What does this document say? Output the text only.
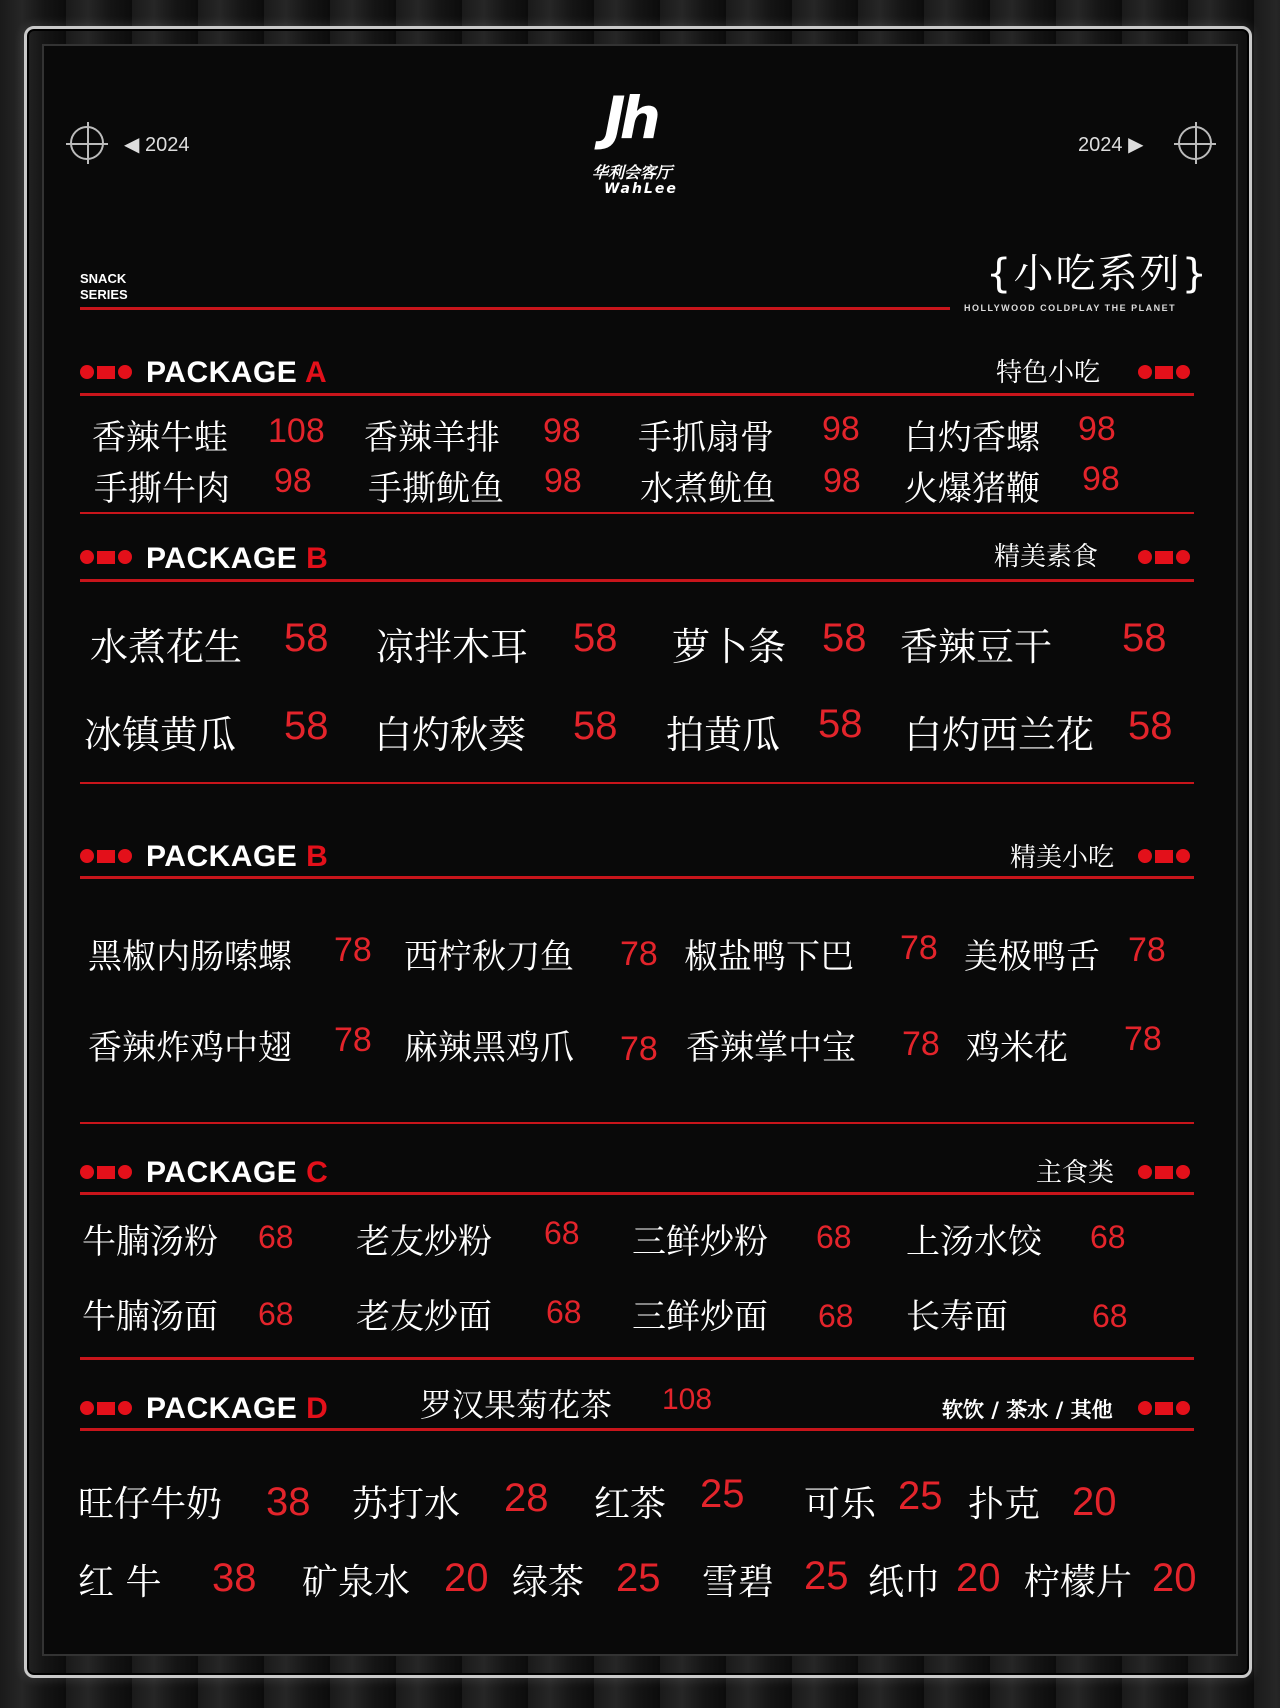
◀ 2024	2024 ▶
Jh
华利会客厅
WahLee
SNACK
SERIES	{小吃系列}
HOLLYWOOD COLDPLAY THE PLANET
PACKAGE A	特色小吃
香辣牛蛙 108 香辣羊排 98 手抓扇骨 98 白灼香螺 98
手撕牛肉 98 手撕鱿鱼 98 水煮鱿鱼 98 火爆猪鞭 98
PACKAGE B	精美素食
水煮花生 58 凉拌木耳 58 萝卜条 58 香辣豆干 58
冰镇黄瓜 58 白灼秋葵 58 拍黄瓜 58 白灼西兰花 58
PACKAGE B	精美小吃
黑椒内肠嗦螺 78 西柠秋刀鱼 78 椒盐鸭下巴 78 美极鸭舌 78
香辣炸鸡中翅 78 麻辣黑鸡爪 78 香辣掌中宝 78 鸡米花 78
PACKAGE C	主食类
牛腩汤粉 68 老友炒粉 68 三鲜炒粉 68 上汤水饺 68
牛腩汤面 68 老友炒面 68 三鲜炒面 68 长寿面	68
PACKAGE D	罗汉果菊花茶 108	软饮 / 茶水 / 其他
旺仔牛奶 38 苏打水 28 红茶 25 可乐 25 扑克 20
红 牛 38 矿泉水 20 绿茶 25 雪碧 25 纸巾 20 柠檬片 20
